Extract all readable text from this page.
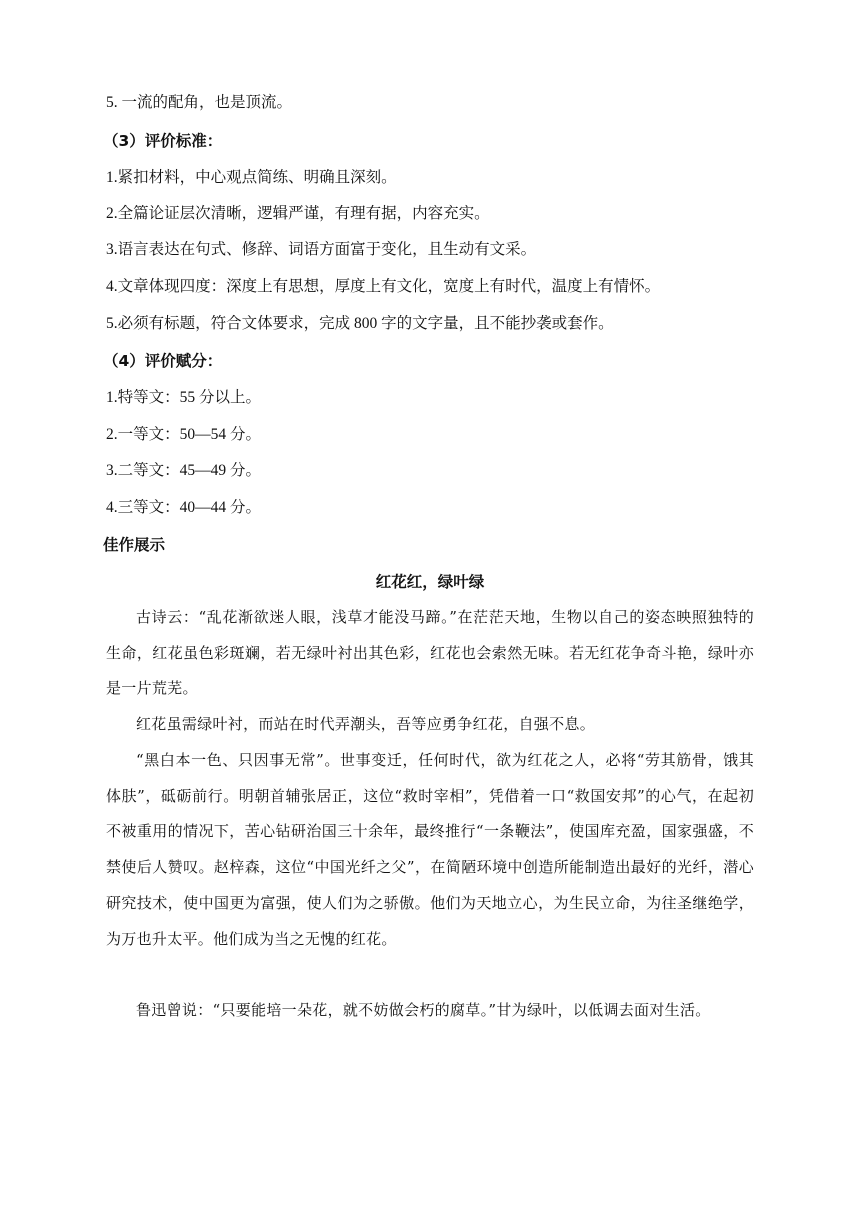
5. 一流的配角，也是顶流。
（3）评价标准：
1.紧扣材料，中心观点简练、明确且深刻。
2.全篇论证层次清晰，逻辑严谨，有理有据，内容充实。
3.语言表达在句式、修辞、词语方面富于变化，且生动有文采。
4.文章体现四度：深度上有思想，厚度上有文化，宽度上有时代，温度上有情怀。
5.必须有标题，符合文体要求，完成 800 字的文字量，且不能抄袭或套作。
（4）评价赋分：
1.特等文：55 分以上。
2.一等文：50—54 分。
3.二等文：45—49 分。
4.三等文：40—44 分。
佳作展示
红花红，绿叶绿

古诗云：“乱花渐欲迷人眼，浅草才能没马蹄。”在茫茫天地，生物以自己的姿态映照独特的生命，红花虽色彩斑斓，若无绿叶衬出其色彩，红花也会索然无味。若无红花争奇斗艳，绿叶亦是一片荒芜。

红花虽需绿叶衬，而站在时代弄潮头，吾等应勇争红花，自强不息。

“黑白本一色、只因事无常”。世事变迁，任何时代，欲为红花之人，必将“劳其筋骨，饿其体肤”，砥砺前行。明朝首辅张居正，这位“救时宰相”，凭借着一口“救国安邦”的心气，在起初不被重用的情况下，苦心钻研治国三十余年，最终推行“一条鞭法”，使国库充盈，国家强盛，不禁使后人赞叹。赵梓森，这位“中国光纤之父”，在简陋环境中创造所能制造出最好的光纤，潜心研究技术，使中国更为富强，使人们为之骄傲。他们为天地立心，为生民立命，为往圣继绝学，为万也升太平。他们成为当之无愧的红花。

鲁迅曾说：“只要能培一朵花，就不妨做会朽的腐草。”甘为绿叶，以低调去面对生活。
